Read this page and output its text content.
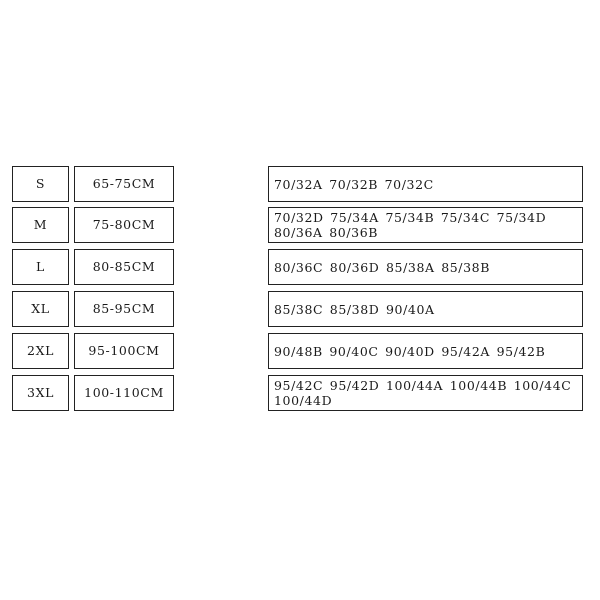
S	65-75CM	70/32A 70/32B 70/32C
M	75-80CM	70/32D 75/34A 75/34B 75/34C 75/34D 80/36A 80/36B
L	80-85CM	80/36C 80/36D 85/38A 85/38B
XL	85-95CM	85/38C 85/38D 90/40A
2XL	95-100CM	90/48B 90/40C 90/40D 95/42A 95/42B
3XL	100-110CM	95/42C 95/42D 100/44A 100/44B 100/44C 100/44D
